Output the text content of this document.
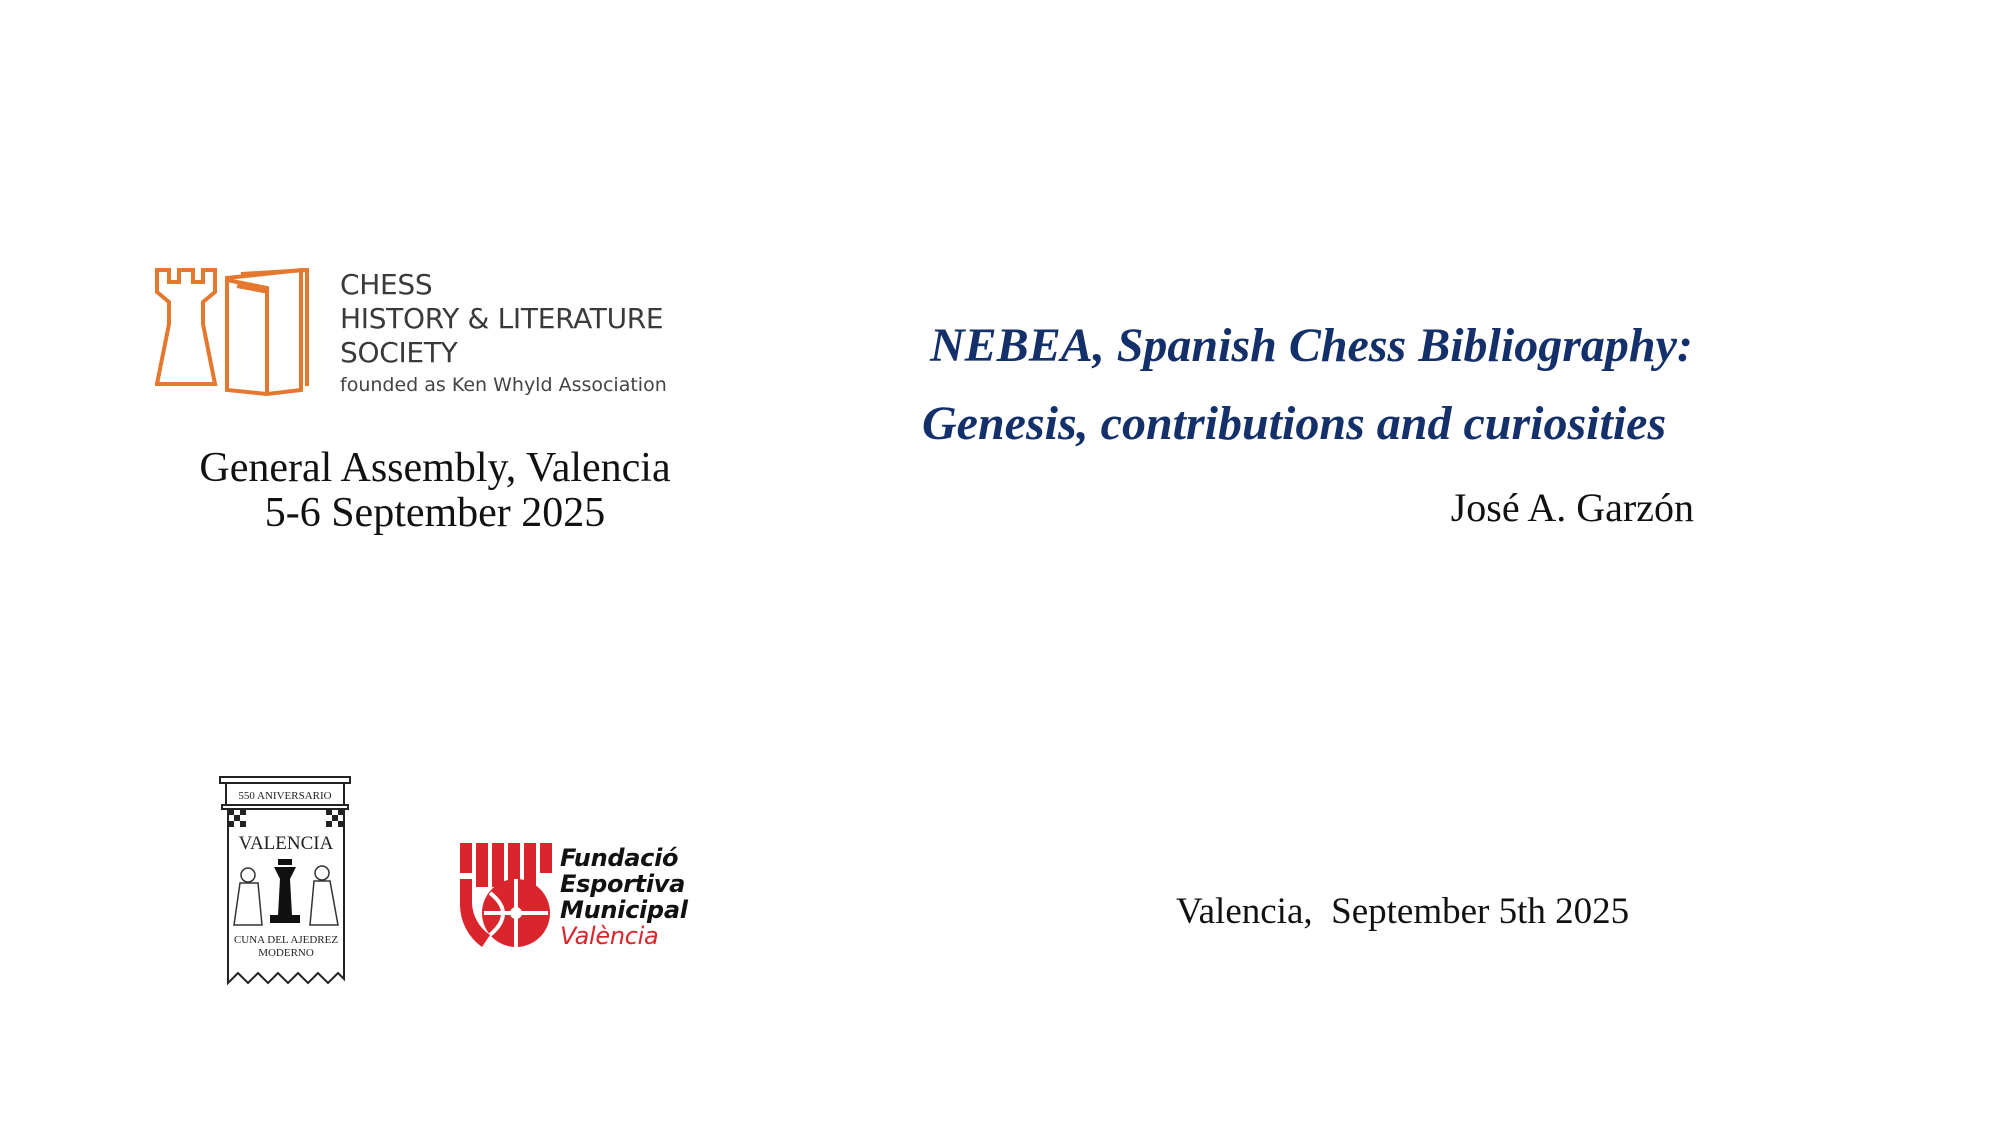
CHESS
HISTORY & LITERATURE
SOCIETY
founded as Ken Whyld Association
General Assembly, Valencia
5-6 September 2025
NEBEA, Spanish Chess Bibliography:
Genesis, contributions and curiosities
José A. Garzón
Valencia,  September 5th 2025
550 ANIVERSARIO
VALENCIA
CUNA DEL AJEDREZ
MODERNO
Fundació
Esportiva
Municipal
València
